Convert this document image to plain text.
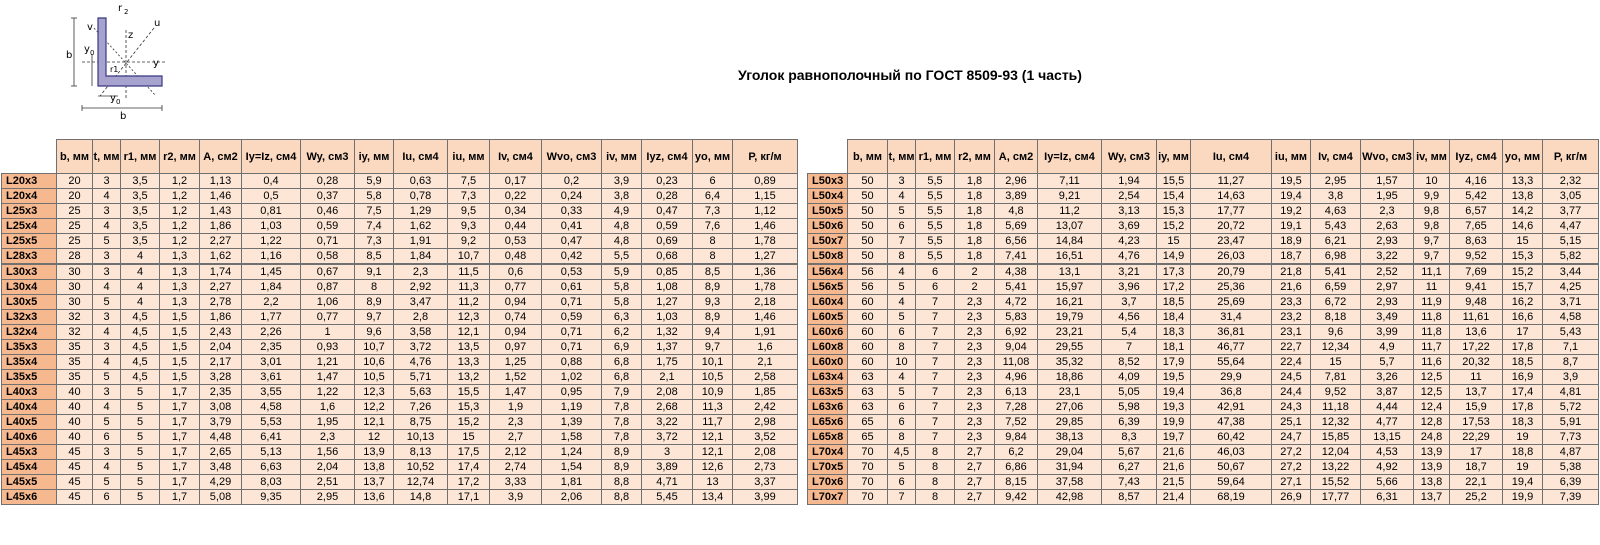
v
r 2
z
u
b
y 0
y
r1
y 0
b
Уголок равнополочный по ГОСТ 8509-93 (1 часть)
	b, мм	t, мм	r1, мм	r2, мм	A, см2	Iy=Iz, см4	Wy, см3	iy, мм	Iu, см4	iu, мм	Iv, см4	Wvo, см3	iv, мм	Iyz, см4	yo, мм	P, кг/м
L20x3	20	3	3,5	1,2	1,13	0,4	0,28	5,9	0,63	7,5	0,17	0,2	3,9	0,23	6	0,89
L20x4	20	4	3,5	1,2	1,46	0,5	0,37	5,8	0,78	7,3	0,22	0,24	3,8	0,28	6,4	1,15
L25x3	25	3	3,5	1,2	1,43	0,81	0,46	7,5	1,29	9,5	0,34	0,33	4,9	0,47	7,3	1,12
L25x4	25	4	3,5	1,2	1,86	1,03	0,59	7,4	1,62	9,3	0,44	0,41	4,8	0,59	7,6	1,46
L25x5	25	5	3,5	1,2	2,27	1,22	0,71	7,3	1,91	9,2	0,53	0,47	4,8	0,69	8	1,78
L28x3	28	3	4	1,3	1,62	1,16	0,58	8,5	1,84	10,7	0,48	0,42	5,5	0,68	8	1,27
L30x3	30	3	4	1,3	1,74	1,45	0,67	9,1	2,3	11,5	0,6	0,53	5,9	0,85	8,5	1,36
L30x4	30	4	4	1,3	2,27	1,84	0,87	8	2,92	11,3	0,77	0,61	5,8	1,08	8,9	1,78
L30x5	30	5	4	1,3	2,78	2,2	1,06	8,9	3,47	11,2	0,94	0,71	5,8	1,27	9,3	2,18
L32x3	32	3	4,5	1,5	1,86	1,77	0,77	9,7	2,8	12,3	0,74	0,59	6,3	1,03	8,9	1,46
L32x4	32	4	4,5	1,5	2,43	2,26	1	9,6	3,58	12,1	0,94	0,71	6,2	1,32	9,4	1,91
L35x3	35	3	4,5	1,5	2,04	2,35	0,93	10,7	3,72	13,5	0,97	0,71	6,9	1,37	9,7	1,6
L35x4	35	4	4,5	1,5	2,17	3,01	1,21	10,6	4,76	13,3	1,25	0,88	6,8	1,75	10,1	2,1
L35x5	35	5	4,5	1,5	3,28	3,61	1,47	10,5	5,71	13,2	1,52	1,02	6,8	2,1	10,5	2,58
L40x3	40	3	5	1,7	2,35	3,55	1,22	12,3	5,63	15,5	1,47	0,95	7,9	2,08	10,9	1,85
L40x4	40	4	5	1,7	3,08	4,58	1,6	12,2	7,26	15,3	1,9	1,19	7,8	2,68	11,3	2,42
L40x5	40	5	5	1,7	3,79	5,53	1,95	12,1	8,75	15,2	2,3	1,39	7,8	3,22	11,7	2,98
L40x6	40	6	5	1,7	4,48	6,41	2,3	12	10,13	15	2,7	1,58	7,8	3,72	12,1	3,52
L45x3	45	3	5	1,7	2,65	5,13	1,56	13,9	8,13	17,5	2,12	1,24	8,9	3	12,1	2,08
L45x4	45	4	5	1,7	3,48	6,63	2,04	13,8	10,52	17,4	2,74	1,54	8,9	3,89	12,6	2,73
L45x5	45	5	5	1,7	4,29	8,03	2,51	13,7	12,74	17,2	3,33	1,81	8,8	4,71	13	3,37
L45x6	45	6	5	1,7	5,08	9,35	2,95	13,6	14,8	17,1	3,9	2,06	8,8	5,45	13,4	3,99
	b, мм	t, мм	r1, мм	r2, мм	A, см2	Iy=Iz, см4	Wy, см3	iy, мм	Iu, см4	iu, мм	Iv, см4	Wvo, см3	iv, мм	Iyz, см4	yo, мм	P, кг/м
L50x3	50	3	5,5	1,8	2,96	7,11	1,94	15,5	11,27	19,5	2,95	1,57	10	4,16	13,3	2,32
L50x4	50	4	5,5	1,8	3,89	9,21	2,54	15,4	14,63	19,4	3,8	1,95	9,9	5,42	13,8	3,05
L50x5	50	5	5,5	1,8	4,8	11,2	3,13	15,3	17,77	19,2	4,63	2,3	9,8	6,57	14,2	3,77
L50x6	50	6	5,5	1,8	5,69	13,07	3,69	15,2	20,72	19,1	5,43	2,63	9,8	7,65	14,6	4,47
L50x7	50	7	5,5	1,8	6,56	14,84	4,23	15	23,47	18,9	6,21	2,93	9,7	8,63	15	5,15
L50x8	50	8	5,5	1,8	7,41	16,51	4,76	14,9	26,03	18,7	6,98	3,22	9,7	9,52	15,3	5,82
L56x4	56	4	6	2	4,38	13,1	3,21	17,3	20,79	21,8	5,41	2,52	11,1	7,69	15,2	3,44
L56x5	56	5	6	2	5,41	15,97	3,96	17,2	25,36	21,6	6,59	2,97	11	9,41	15,7	4,25
L60x4	60	4	7	2,3	4,72	16,21	3,7	18,5	25,69	23,3	6,72	2,93	11,9	9,48	16,2	3,71
L60x5	60	5	7	2,3	5,83	19,79	4,56	18,4	31,4	23,2	8,18	3,49	11,8	11,61	16,6	4,58
L60x6	60	6	7	2,3	6,92	23,21	5,4	18,3	36,81	23,1	9,6	3,99	11,8	13,6	17	5,43
L60x8	60	8	7	2,3	9,04	29,55	7	18,1	46,77	22,7	12,34	4,9	11,7	17,22	17,8	7,1
L60x0	60	10	7	2,3	11,08	35,32	8,52	17,9	55,64	22,4	15	5,7	11,6	20,32	18,5	8,7
L63x4	63	4	7	2,3	4,96	18,86	4,09	19,5	29,9	24,5	7,81	3,26	12,5	11	16,9	3,9
L63x5	63	5	7	2,3	6,13	23,1	5,05	19,4	36,8	24,4	9,52	3,87	12,5	13,7	17,4	4,81
L63x6	63	6	7	2,3	7,28	27,06	5,98	19,3	42,91	24,3	11,18	4,44	12,4	15,9	17,8	5,72
L65x6	65	6	7	2,3	7,52	29,85	6,39	19,9	47,38	25,1	12,32	4,77	12,8	17,53	18,3	5,91
L65x8	65	8	7	2,3	9,84	38,13	8,3	19,7	60,42	24,7	15,85	13,15	24,8	22,29	19	7,73
L70x4	70	4,5	8	2,7	6,2	29,04	5,67	21,6	46,03	27,2	12,04	4,53	13,9	17	18,8	4,87
L70x5	70	5	8	2,7	6,86	31,94	6,27	21,6	50,67	27,2	13,22	4,92	13,9	18,7	19	5,38
L70x6	70	6	8	2,7	8,15	37,58	7,43	21,5	59,64	27,1	15,52	5,66	13,8	22,1	19,4	6,39
L70x7	70	7	8	2,7	9,42	42,98	8,57	21,4	68,19	26,9	17,77	6,31	13,7	25,2	19,9	7,39
